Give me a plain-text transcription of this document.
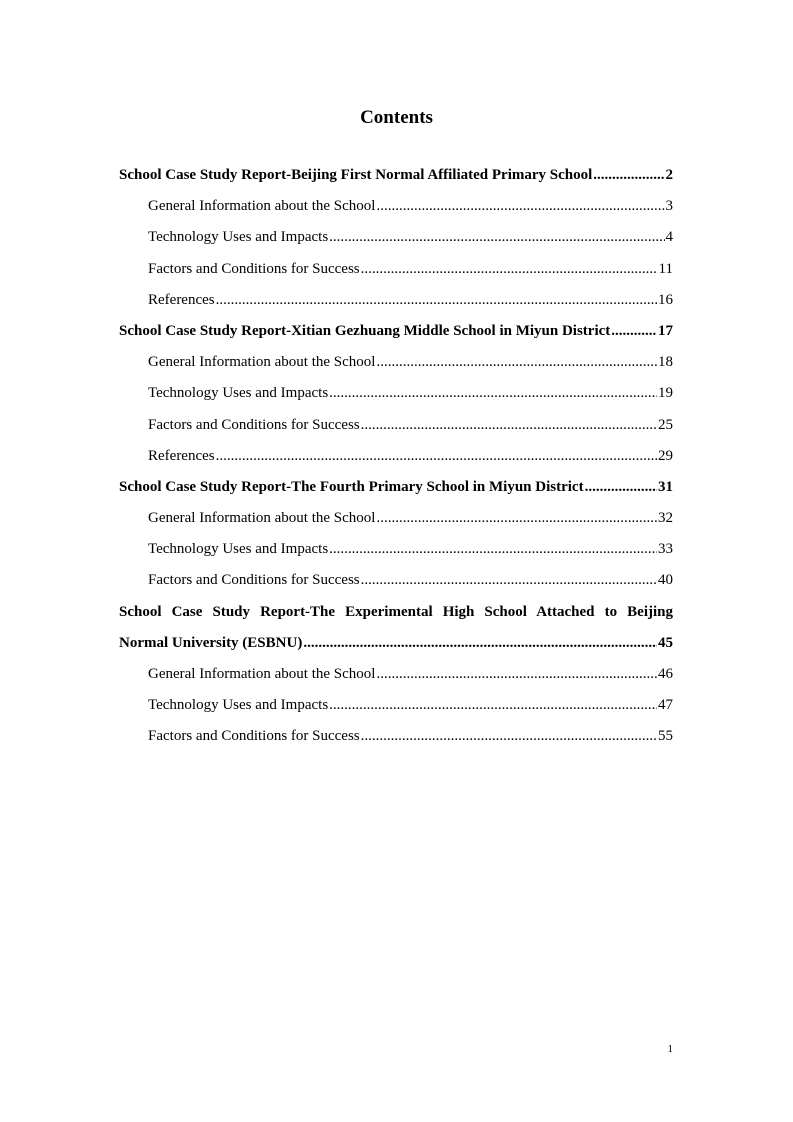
Contents
School Case Study Report-Beijing First Normal Affiliated Primary School .....	2
General Information about the School .....	3
Technology Uses and Impacts .....	4
Factors and Conditions for Success .....	11
References .....	16
School Case Study Report-Xitian Gezhuang Middle School in Miyun District .....	17
General Information about the School .....	18
Technology Uses and Impacts .....	19
Factors and Conditions for Success .....	25
References .....	29
School Case Study Report-The Fourth Primary School in Miyun District .....	31
General Information about the School .....	32
Technology Uses and Impacts .....	33
Factors and Conditions for Success .....	40
School Case Study Report-The Experimental High School Attached to Beijing
Normal University (ESBNU) .....	45
General Information about the School .....	46
Technology Uses and Impacts .....	47
Factors and Conditions for Success .....	55
1
